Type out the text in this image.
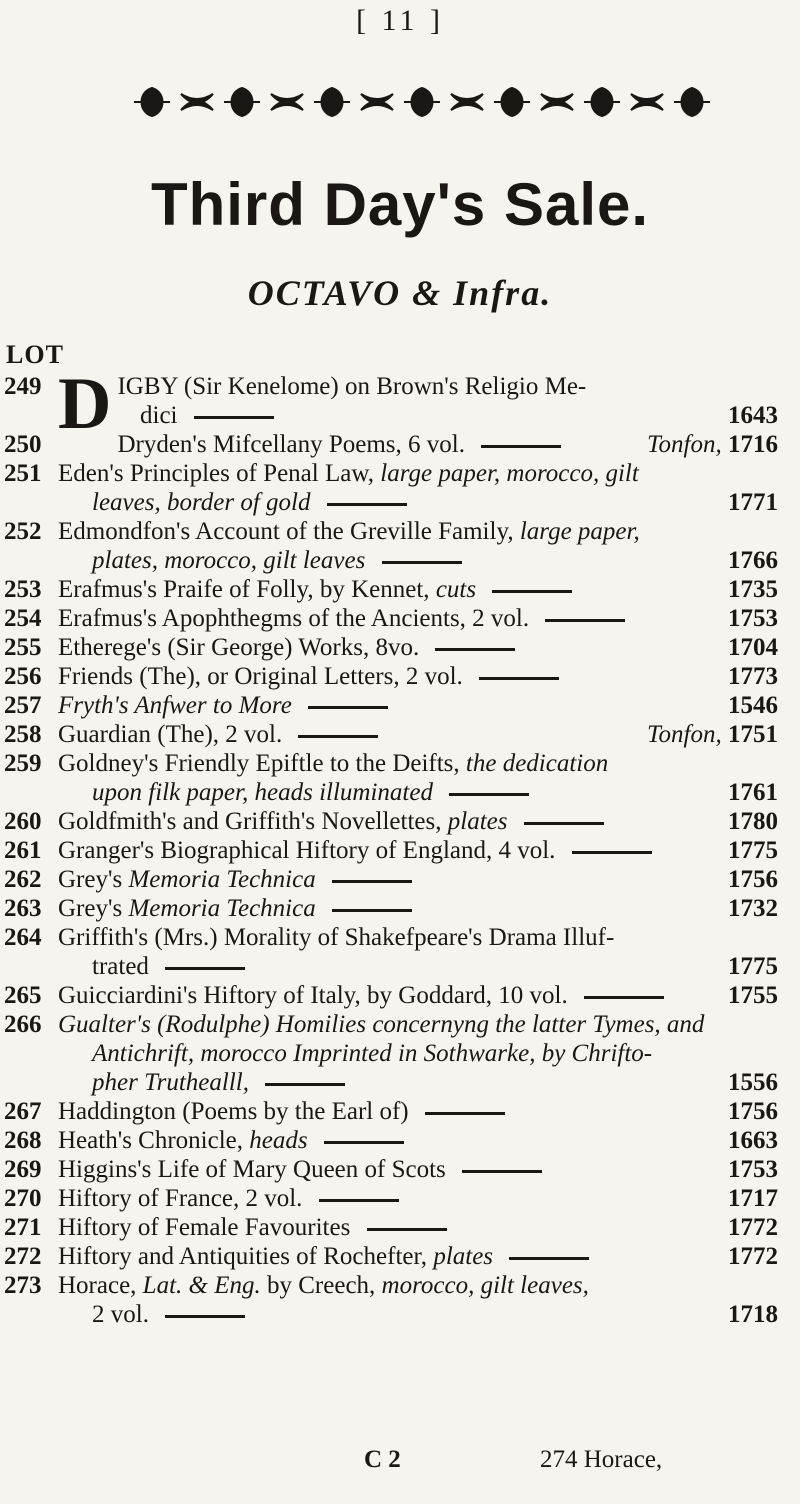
[ 11 ]
Third Day's Sale.
OCTAVO & Infra.
LOT
249 DIGBY (Sir Kenelome) on Brown's Religio Me-
dici	1643
250	Dryden's Mifcellany Poems, 6 vol.	Tonfon, 1716
251 Eden's Principles of Penal Law, large paper, morocco, gilt
leaves, border of gold	1771
252 Edmondfon's Account of the Greville Family, large paper,
plates, morocco, gilt leaves	1766
253 Erafmus's Praife of Folly, by Kennet, cuts	1735
254 Erafmus's Apophthegms of the Ancients, 2 vol.	1753
255 Etherege's (Sir George) Works, 8vo.	1704
256 Friends (The), or Original Letters, 2 vol.	1773
257 Fryth's Anfwer to More	1546
258 Guardian (The), 2 vol.	Tonfon, 1751
259 Goldney's Friendly Epiftle to the Deifts, the dedication
upon filk paper, heads illuminated	1761
260 Goldfmith's and Griffith's Novellettes, plates	1780
261 Granger's Biographical Hiftory of England, 4 vol.	1775
262 Grey's Memoria Technica	1756
263 Grey's Memoria Technica	1732
264 Griffith's (Mrs.) Morality of Shakefpeare's Drama Illuf-
trated	1775
265 Guicciardini's Hiftory of Italy, by Goddard, 10 vol.	1755
266 Gualter's (Rodulphe) Homilies concernyng the latter Tymes, and
Antichrift, morocco Imprinted in Sothwarke, by Chrifto-
pher Truthealll,	1556
267 Haddington (Poems by the Earl of)	1756
268 Heath's Chronicle, heads	1663
269 Higgins's Life of Mary Queen of Scots	1753
270 Hiftory of France, 2 vol.	1717
271 Hiftory of Female Favourites	1772
272 Hiftory and Antiquities of Rochefter, plates	1772
273 Horace, Lat. & Eng. by Creech, morocco, gilt leaves,
2 vol.	1718
C 2	274 Horace,
